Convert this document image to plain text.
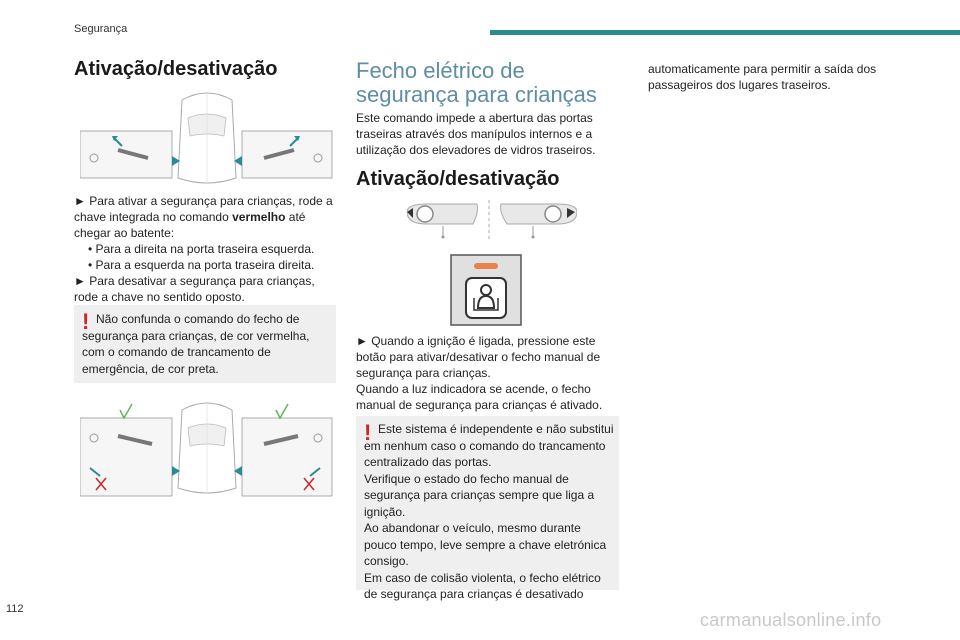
Segurança
Ativação/desativação

► Para ativar a segurança para crianças, rode a chave integrada no comando vermelho até chegar ao batente:

• Para a direita na porta traseira esquerda.

• Para a esquerda na porta traseira direita.

► Para desativar a segurança para crianças, rode a chave no sentido oposto.

! Não confunda o comando do fecho de segurança para crianças, de cor vermelha, com o comando de trancamento de emergência, de cor preta.
Fecho elétrico de segurança para crianças
Este comando impede a abertura das portas traseiras através dos manípulos internos e a utilização dos elevadores de vidros traseiros.
Ativação/desativação

► Quando a ignição é ligada, pressione este botão para ativar/desativar o fecho manual de segurança para crianças.

Quando a luz indicadora se acende, o fecho manual de segurança para crianças é ativado.

! Este sistema é independente e não substitui em nenhum caso o comando do trancamento centralizado das portas.

Verifique o estado do fecho manual de segurança para crianças sempre que liga a ignição.

Ao abandonar o veículo, mesmo durante pouco tempo, leve sempre a chave eletrónica consigo.

Em caso de colisão violenta, o fecho elétrico de segurança para crianças é desativado

automaticamente para permitir a saída dos passageiros dos lugares traseiros.
112
carmanualsonline.info
